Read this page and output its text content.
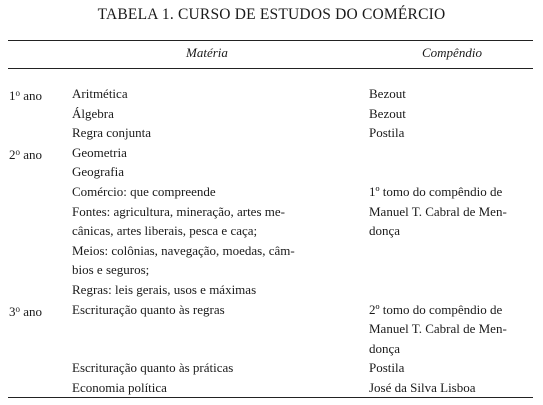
TABELA 1. CURSO DE ESTUDOS DO COMÉRCIO
Matéria	Compêndio
1$^o$ ano Aritmética	Bezout
Álgebra	Bezout
Regra conjunta	Postila
2$^o$ ano Geometria
Geografia
Comércio: que compreende	1º tomo do compêndio de
Fontes: agricultura, mineração, artes me-	Manuel T. Cabral de Men-
cânicas, artes liberais, pesca e caça;	donça
Meios: colônias, navegação, moedas, câm-
bios e seguros;
Regras: leis gerais, usos e máximas
3$^o$ ano Escrituração quanto às regras	2º tomo do compêndio de
Manuel T. Cabral de Men-
donça
Escrituração quanto às práticas	Postila
Economia política	José da Silva Lisboa
